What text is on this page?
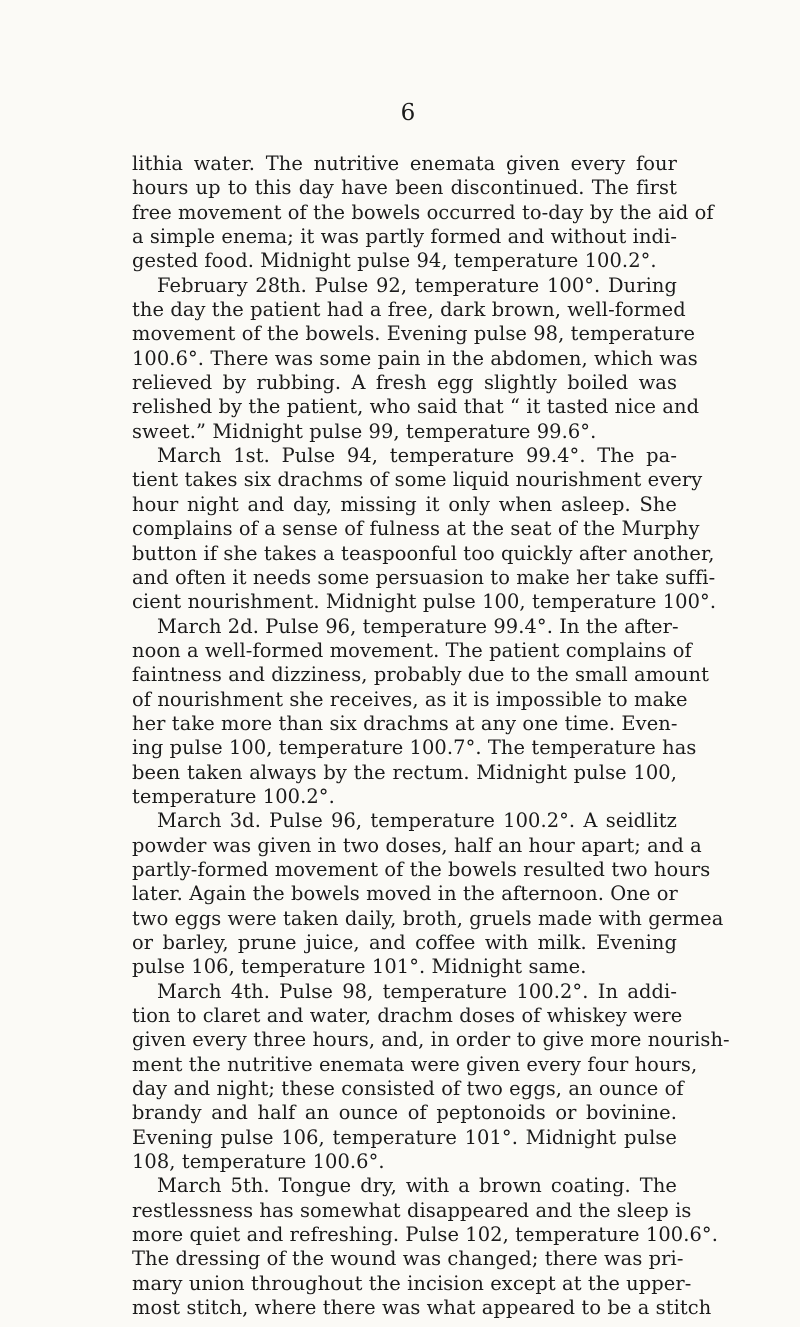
6
lithia water. The nutritive enemata given every four
hours up to this day have been discontinued. The first
free movement of the bowels occurred to-day by the aid of
a simple enema; it was partly formed and without indi-
gested food. Midnight pulse 94, temperature 100.2°.
February 28th. Pulse 92, temperature 100°. During
the day the patient had a free, dark brown, well-formed
movement of the bowels. Evening pulse 98, temperature
100.6°. There was some pain in the abdomen, which was
relieved by rubbing. A fresh egg slightly boiled was
relished by the patient, who said that “ it tasted nice and
sweet.” Midnight pulse 99, temperature 99.6°.
March 1st. Pulse 94, temperature 99.4°. The pa-
tient takes six drachms of some liquid nourishment every
hour night and day, missing it only when asleep. She
complains of a sense of fulness at the seat of the Murphy
button if she takes a teaspoonful too quickly after another,
and often it needs some persuasion to make her take suffi-
cient nourishment. Midnight pulse 100, temperature 100°.
March 2d. Pulse 96, temperature 99.4°. In the after-
noon a well-formed movement. The patient complains of
faintness and dizziness, probably due to the small amount
of nourishment she receives, as it is impossible to make
her take more than six drachms at any one time. Even-
ing pulse 100, temperature 100.7°. The temperature has
been taken always by the rectum. Midnight pulse 100,
temperature 100.2°.
March 3d. Pulse 96, temperature 100.2°. A seidlitz
powder was given in two doses, half an hour apart; and a
partly-formed movement of the bowels resulted two hours
later. Again the bowels moved in the afternoon. One or
two eggs were taken daily, broth, gruels made with germea
or barley, prune juice, and coffee with milk. Evening
pulse 106, temperature 101°. Midnight same.
March 4th. Pulse 98, temperature 100.2°. In addi-
tion to claret and water, drachm doses of whiskey were
given every three hours, and, in order to give more nourish-
ment the nutritive enemata were given every four hours,
day and night; these consisted of two eggs, an ounce of
brandy and half an ounce of peptonoids or bovinine.
Evening pulse 106, temperature 101°. Midnight pulse
108, temperature 100.6°.
March 5th. Tongue dry, with a brown coating. The
restlessness has somewhat disappeared and the sleep is
more quiet and refreshing. Pulse 102, temperature 100.6°.
The dressing of the wound was changed; there was pri-
mary union throughout the incision except at the upper-
most stitch, where there was what appeared to be a stitch
